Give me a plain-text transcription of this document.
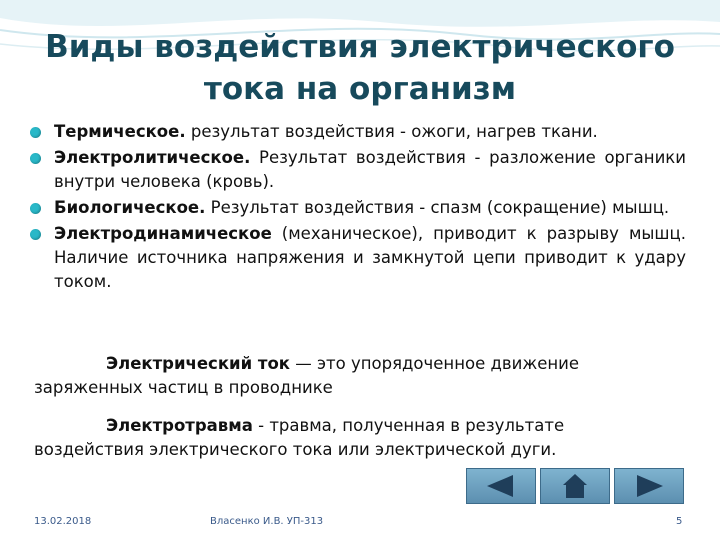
Виды воздействия электрического тока на организм
Термическое. результат воздействия - ожоги, нагрев ткани.
Электролитическое. Результат воздействия - разложение органики внутри человека (кровь).
Биологическое. Результат воздействия - спазм (сокращение) мышц.
Электродинамическое (механическое), приводит к разрыву мышц. Наличие источника напряжения и замкнутой цепи приводит к удару током.

Электрический ток — это упорядоченное движение заряженных частиц в проводнике

Электротравма - травма, полученная в результате воздействия электрического тока или электрической дуги.

13.02.2018	Власенко И.В. УП-313	5
